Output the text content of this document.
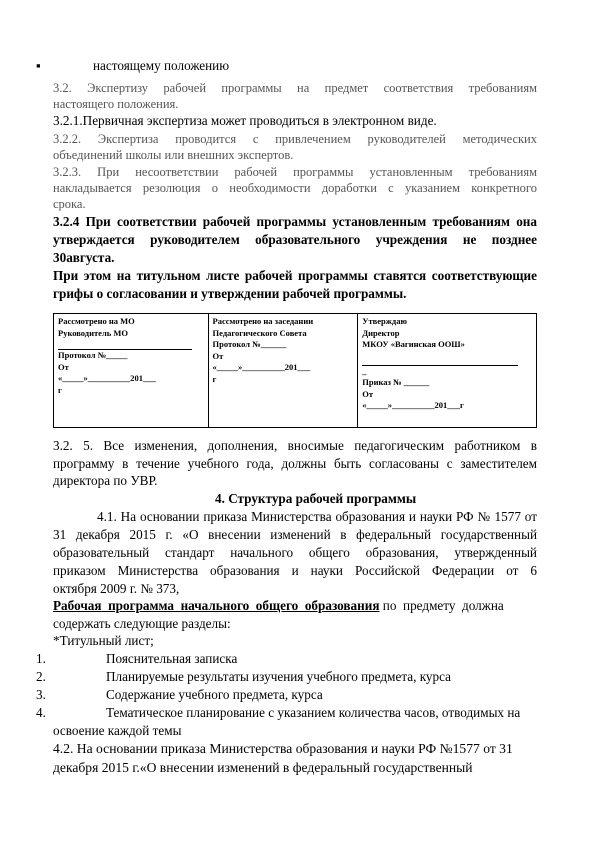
▪	настоящему положению
3.2. Экспертизу рабочей программы на предмет соответствия требованиям
настоящего положения.
3.2.1.Первичная экспертиза может проводиться в электронном виде.
3.2.2. Экспертиза проводится с привлечением руководителей методических
объединений школы или внешних экспертов.
3.2.3. При несоответствии рабочей программы установленным требованиям
накладывается резолюция о необходимости доработки с указанием конкретного
срока.
3.2.4 При соответствии рабочей программы установленным требованиям она
утверждается руководителем образовательного учреждения не позднее
30августа.
При этом на титульном листе рабочей программы ставятся соответствующие
грифы о согласовании и утверждении рабочей программы.
Рассмотрено на МО
Руководитель МО
Протокол №_____
От
«_____»__________201___
г

Рассмотрено на заседании
Педагогического Совета
Протокол №______
От
«_____»__________201___
г

Утверждаю
Директор
МКОУ «Вагинская ООШ»
_
Приказ № ______
От
«_____»__________201___г
3.2. 5. Все изменения, дополнения, вносимые педагогическим работником в
программу в течение учебного года, должны быть согласованы с заместителем
директора по УВР.
4. Структура рабочей программы
4.1. На основании приказа Министерства образования и науки РФ № 1577 от
31 декабря 2015 г. «О внесении изменений в федеральный государственный
образовательный стандарт начального общего образования, утвержденный
приказом Министерства образования и науки Российской Федерации от 6
октября 2009 г. № 373,
Рабочая  программа  начального  общего  образования по  предмету  должна
содержать следующие разделы:
*Титульный лист;
1.	Пояснительная записка
2.	Планируемые результаты изучения учебного предмета, курса
3.	Содержание учебного предмета, курса
4.	Тематическое планирование с указанием количества часов, отводимых на
освоение каждой темы
4.2. На основании приказа Министерства образования и науки РФ №1577 от 31
декабря 2015 г.«О внесении изменений в федеральный государственный
